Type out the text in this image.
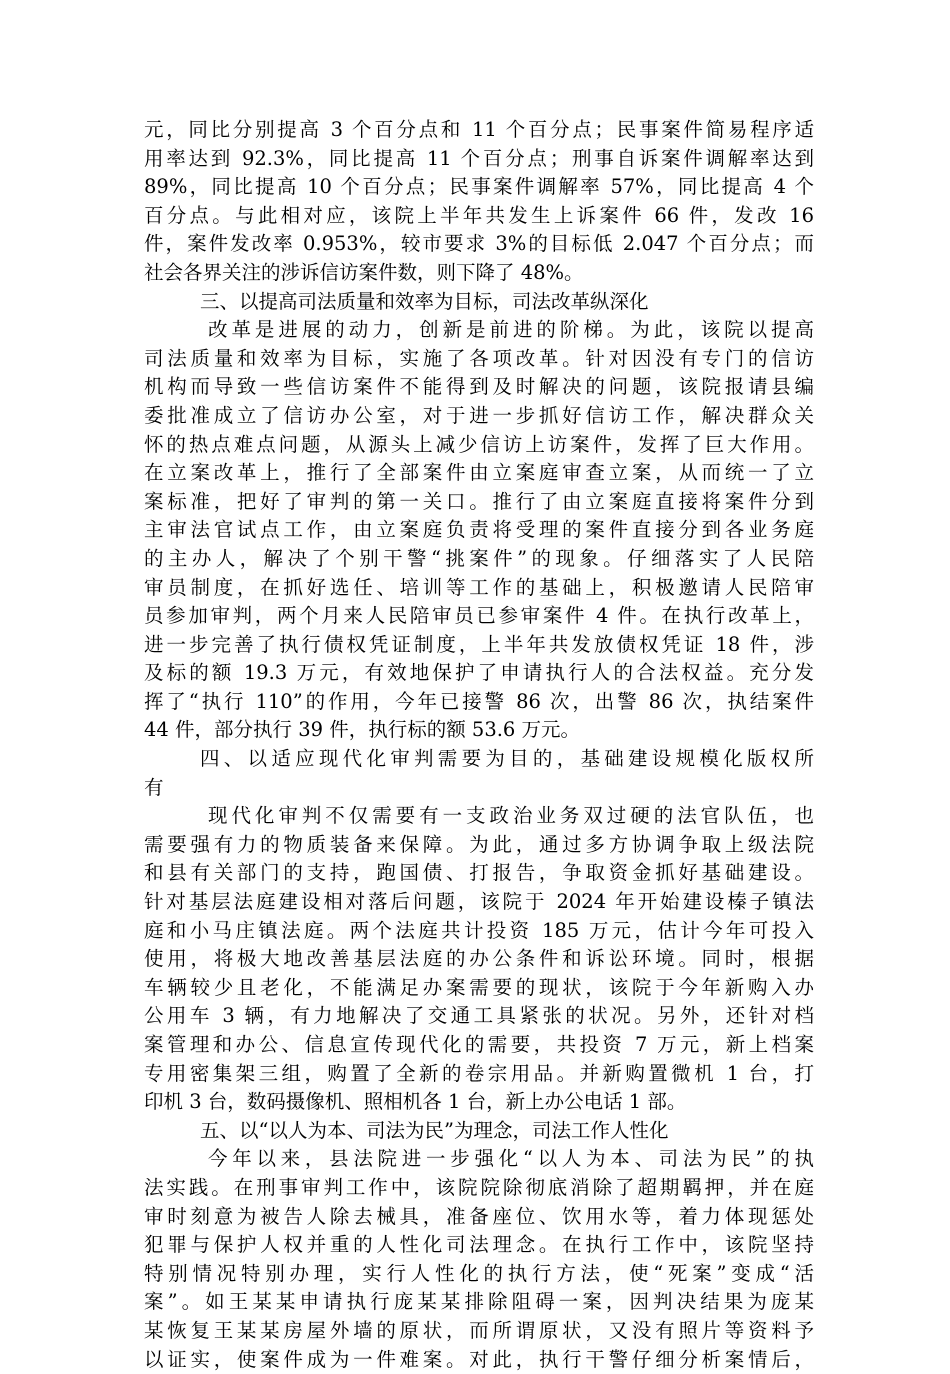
元，同比分别提高 3 个百分点和 11 个百分点；民事案件简易程序适
用率达到 92.3%，同比提高 11 个百分点；刑事自诉案件调解率达到
89%，同比提高 10 个百分点；民事案件调解率 57%，同比提高 4 个
百分点。与此相对应，该院上半年共发生上诉案件 66 件，发改 16
件，案件发改率 0.953%，较市要求 3%的目标低 2.047 个百分点；而
社会各界关注的涉诉信访案件数，则下降了 48%。
三、以提高司法质量和效率为目标，司法改革纵深化
改革是进展的动力，创新是前进的阶梯。为此，该院以提高
司法质量和效率为目标，实施了各项改革。针对因没有专门的信访
机构而导致一些信访案件不能得到及时解决的问题，该院报请县编
委批准成立了信访办公室，对于进一步抓好信访工作，解决群众关
怀的热点难点问题，从源头上减少信访上访案件，发挥了巨大作用。
在立案改革上，推行了全部案件由立案庭审查立案，从而统一了立
案标准，把好了审判的第一关口。推行了由立案庭直接将案件分到
主审法官试点工作，由立案庭负责将受理的案件直接分到各业务庭
的主办人，解决了个别干警“挑案件”的现象。仔细落实了人民陪
审员制度，在抓好选任、培训等工作的基础上，积极邀请人民陪审
员参加审判，两个月来人民陪审员已参审案件 4 件。在执行改革上，
进一步完善了执行债权凭证制度，上半年共发放债权凭证 18 件，涉
及标的额 19.3 万元，有效地保护了申请执行人的合法权益。充分发
挥了“执行 110”的作用，今年已接警 86 次，出警 86 次，执结案件
44 件，部分执行 39 件，执行标的额 53.6 万元。
四、以适应现代化审判需要为目的，基础建设规模化版权所
有
现代化审判不仅需要有一支政治业务双过硬的法官队伍，也
需要强有力的物质装备来保障。为此，通过多方协调争取上级法院
和县有关部门的支持，跑国债、打报告，争取资金抓好基础建设。
针对基层法庭建设相对落后问题，该院于 2024 年开始建设榛子镇法
庭和小马庄镇法庭。两个法庭共计投资 185 万元，估计今年可投入
使用，将极大地改善基层法庭的办公条件和诉讼环境。同时，根据
车辆较少且老化，不能满足办案需要的现状，该院于今年新购入办
公用车 3 辆，有力地解决了交通工具紧张的状况。另外，还针对档
案管理和办公、信息宣传现代化的需要，共投资 7 万元，新上档案
专用密集架三组，购置了全新的卷宗用品。并新购置微机 1 台，打
印机 3 台，数码摄像机、照相机各 1 台，新上办公电话 1 部。
五、以“以人为本、司法为民”为理念，司法工作人性化
今年以来，县法院进一步强化“以人为本、司法为民”的执
法实践。在刑事审判工作中，该院院除彻底消除了超期羁押，并在庭
审时刻意为被告人除去械具，准备座位、饮用水等，着力体现惩处
犯罪与保护人权并重的人性化司法理念。在执行工作中，该院坚持
特别情况特别办理，实行人性化的执行方法，使“死案”变成“活
案”。如王某某申请执行庞某某排除阻碍一案，因判决结果为庞某
某恢复王某某房屋外墙的原状，而所谓原状，又没有照片等资料予
以证实，使案件成为一件难案。对此，执行干警仔细分析案情后，
